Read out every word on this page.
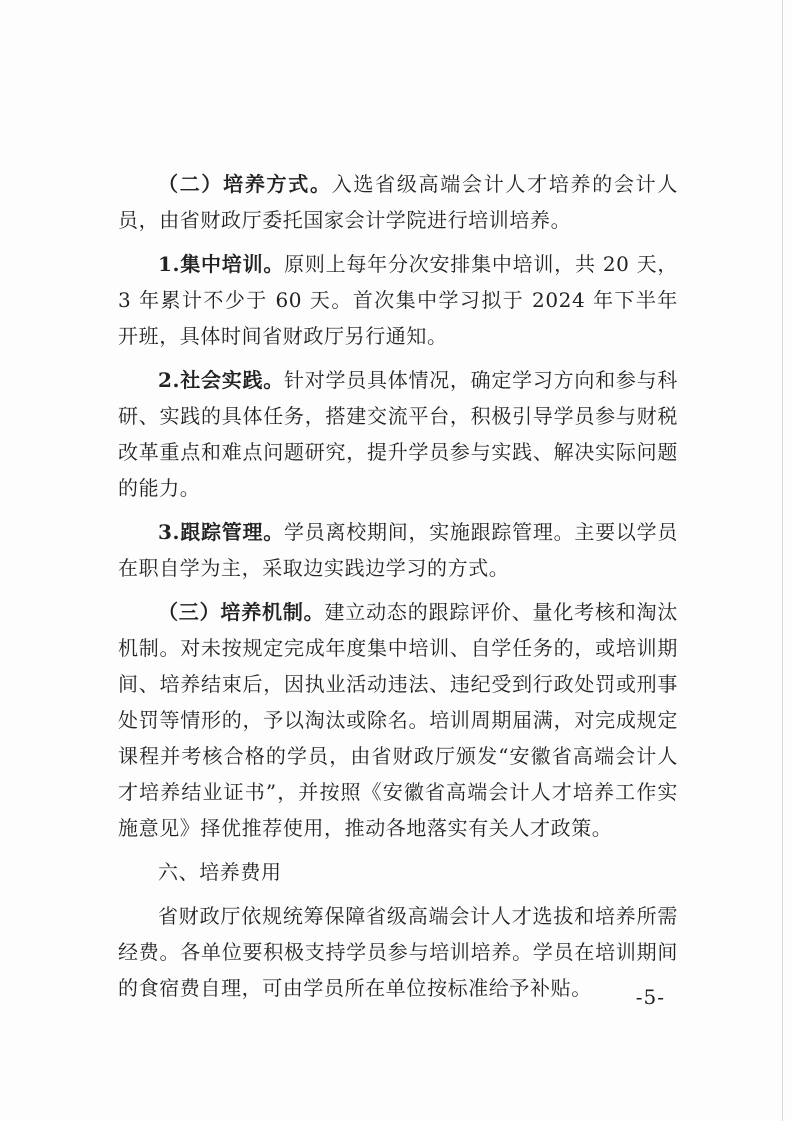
（二）培养方式。入选省级高端会计人才培养的会计人员，由省财政厅委托国家会计学院进行培训培养。

1.集中培训。原则上每年分次安排集中培训，共 20 天，3 年累计不少于 60 天。首次集中学习拟于 2024 年下半年开班，具体时间省财政厅另行通知。

2.社会实践。针对学员具体情况，确定学习方向和参与科研、实践的具体任务，搭建交流平台，积极引导学员参与财税改革重点和难点问题研究，提升学员参与实践、解决实际问题的能力。

3.跟踪管理。学员离校期间，实施跟踪管理。主要以学员在职自学为主，采取边实践边学习的方式。

（三）培养机制。建立动态的跟踪评价、量化考核和淘汰机制。对未按规定完成年度集中培训、自学任务的，或培训期间、培养结束后，因执业活动违法、违纪受到行政处罚或刑事处罚等情形的，予以淘汰或除名。培训周期届满，对完成规定课程并考核合格的学员，由省财政厅颁发“安徽省高端会计人才培养结业证书”，并按照《安徽省高端会计人才培养工作实施意见》择优推荐使用，推动各地落实有关人才政策。

六、培养费用

省财政厅依规统筹保障省级高端会计人才选拔和培养所需经费。各单位要积极支持学员参与培训培养。学员在培训期间的食宿费自理，可由学员所在单位按标准给予补贴。	-5-
